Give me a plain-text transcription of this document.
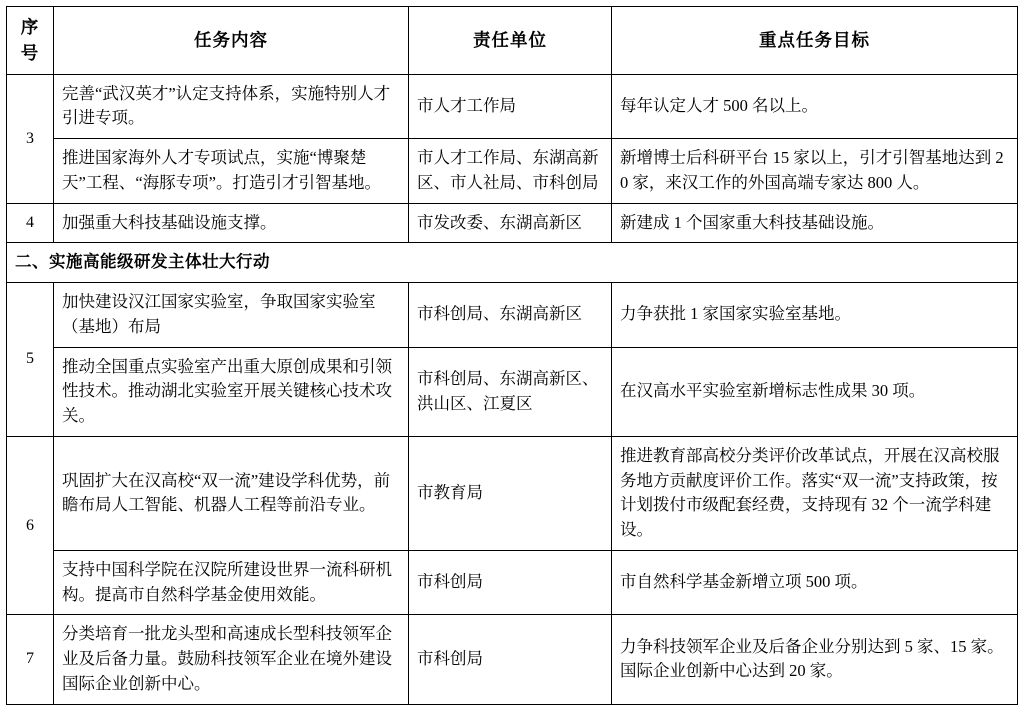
序号	任务内容	责任单位	重点任务目标
3	完善“武汉英才”认定支持体系，实施特别人才引进专项。	市人才工作局	每年认定人才 500 名以上。
	推进国家海外人才专项试点，实施“博聚楚天”工程、“海豚专项”。打造引才引智基地。	市人才工作局、东湖高新区、市人社局、市科创局	新增博士后科研平台 15 家以上，引才引智基地达到 20 家，来汉工作的外国高端专家达 800 人。
4	加强重大科技基础设施支撑。	市发改委、东湖高新区	新建成 1 个国家重大科技基础设施。
二、实施高能级研发主体壮大行动			
5	加快建设汉江国家实验室，争取国家实验室（基地）布局	市科创局、东湖高新区	力争获批 1 家国家实验室基地。
	推动全国重点实验室产出重大原创成果和引领性技术。推动湖北实验室开展关键核心技术攻关。	市科创局、东湖高新区、洪山区、江夏区	在汉高水平实验室新增标志性成果 30 项。
6	巩固扩大在汉高校“双一流”建设学科优势，前瞻布局人工智能、机器人工程等前沿专业。	市教育局	推进教育部高校分类评价改革试点，开展在汉高校服务地方贡献度评价工作。落实“双一流”支持政策，按计划拨付市级配套经费，支持现有 32 个一流学科建设。
	支持中国科学院在汉院所建设世界一流科研机构。提高市自然科学基金使用效能。	市科创局	市自然科学基金新增立项 500 项。
7	分类培育一批龙头型和高速成长型科技领军企业及后备力量。鼓励科技领军企业在境外建设国际企业创新中心。	市科创局	力争科技领军企业及后备企业分别达到 5 家、15 家。国际企业创新中心达到 20 家。
